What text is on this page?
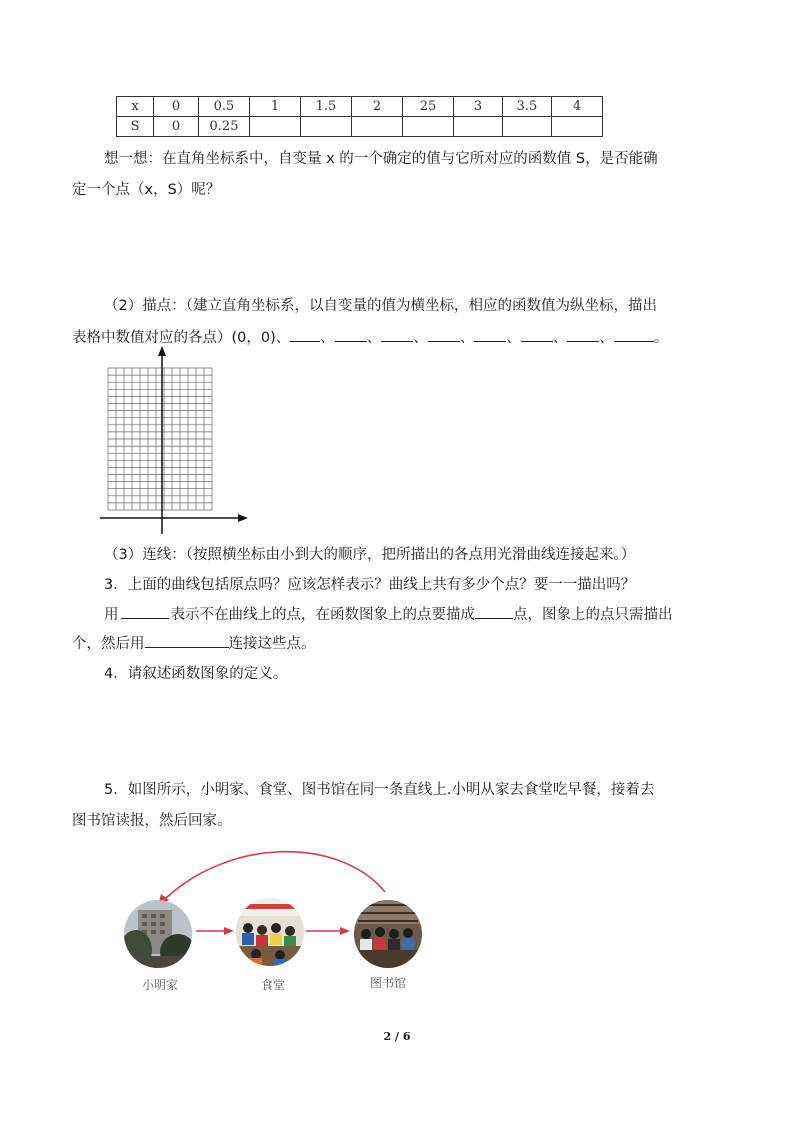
x	0	0.5	1	1.5	2	25	3	3.5	4
S	0	0.25							
想一想：在直角坐标系中，自变量 x 的一个确定的值与它所对应的函数值 S，是否能确
定一个点（x，S）呢？
（2）描点：（建立直角坐标系，以自变量的值为横坐标，相应的函数值为纵坐标，描出
表格中数值对应的各点）(0，0)、 、 、 、 、 、 、 、	。
（3）连线：（按照横坐标由小到大的顺序，把所描出的各点用光滑曲线连接起来。）
3．上面的曲线包括原点吗？应该怎样表示？曲线上共有多少个点？要一一描出吗？
用	表示不在曲线上的点，在函数图象上的点要描成	点，图象上的点只需描出
个，然后用	连接这些点。
4．请叙述函数图象的定义。
5．如图所示，小明家、食堂、图书馆在同一条直线上.小明从家去食堂吃早餐，接着去
图书馆读报，然后回家。
小明家	食堂	图书馆
2 / 6
